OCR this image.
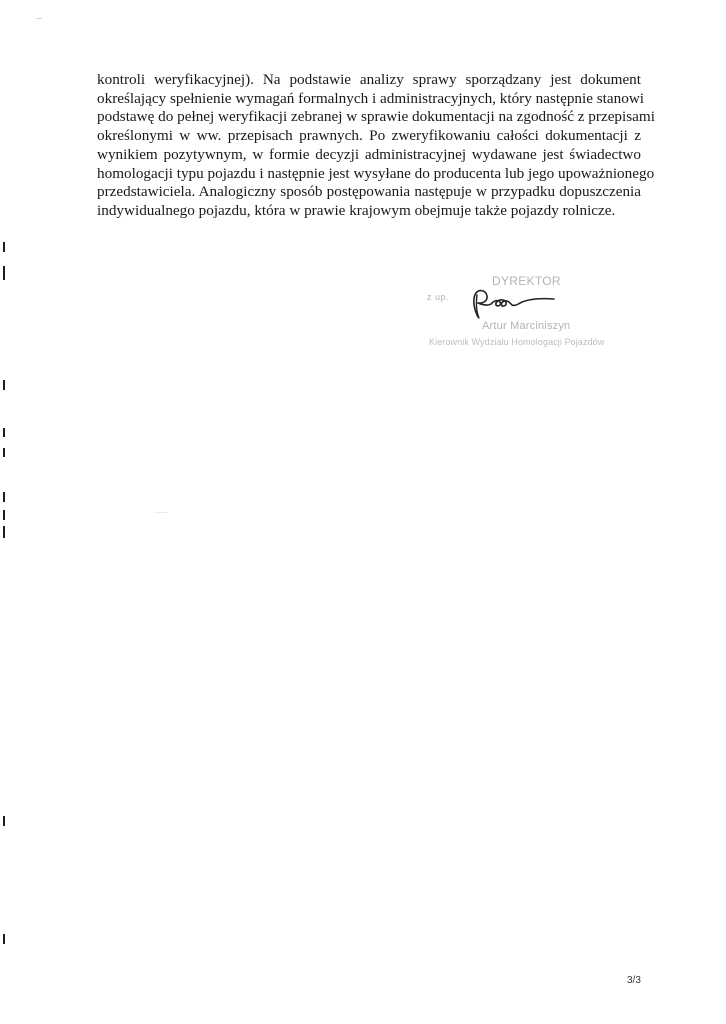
kontroli weryfikacyjnej). Na podstawie analizy sprawy sporządzany jest dokument
określający spełnienie wymagań formalnych i administracyjnych, który następnie stanowi
podstawę do pełnej weryfikacji zebranej w sprawie dokumentacji na zgodność z przepisami
określonymi w ww. przepisach prawnych. Po zweryfikowaniu całości dokumentacji z
wynikiem pozytywnym, w formie decyzji administracyjnej wydawane jest świadectwo
homologacji typu pojazdu i następnie jest wysyłane do producenta lub jego upoważnionego
przedstawiciela. Analogiczny sposób postępowania następuje w przypadku dopuszczenia
indywidualnego pojazdu, która w prawie krajowym obejmuje także pojazdy rolnicze.
DYREKTOR
z up.
Artur Marciniszyn
Kierownik Wydziału Homologacji Pojazdów
3/3
